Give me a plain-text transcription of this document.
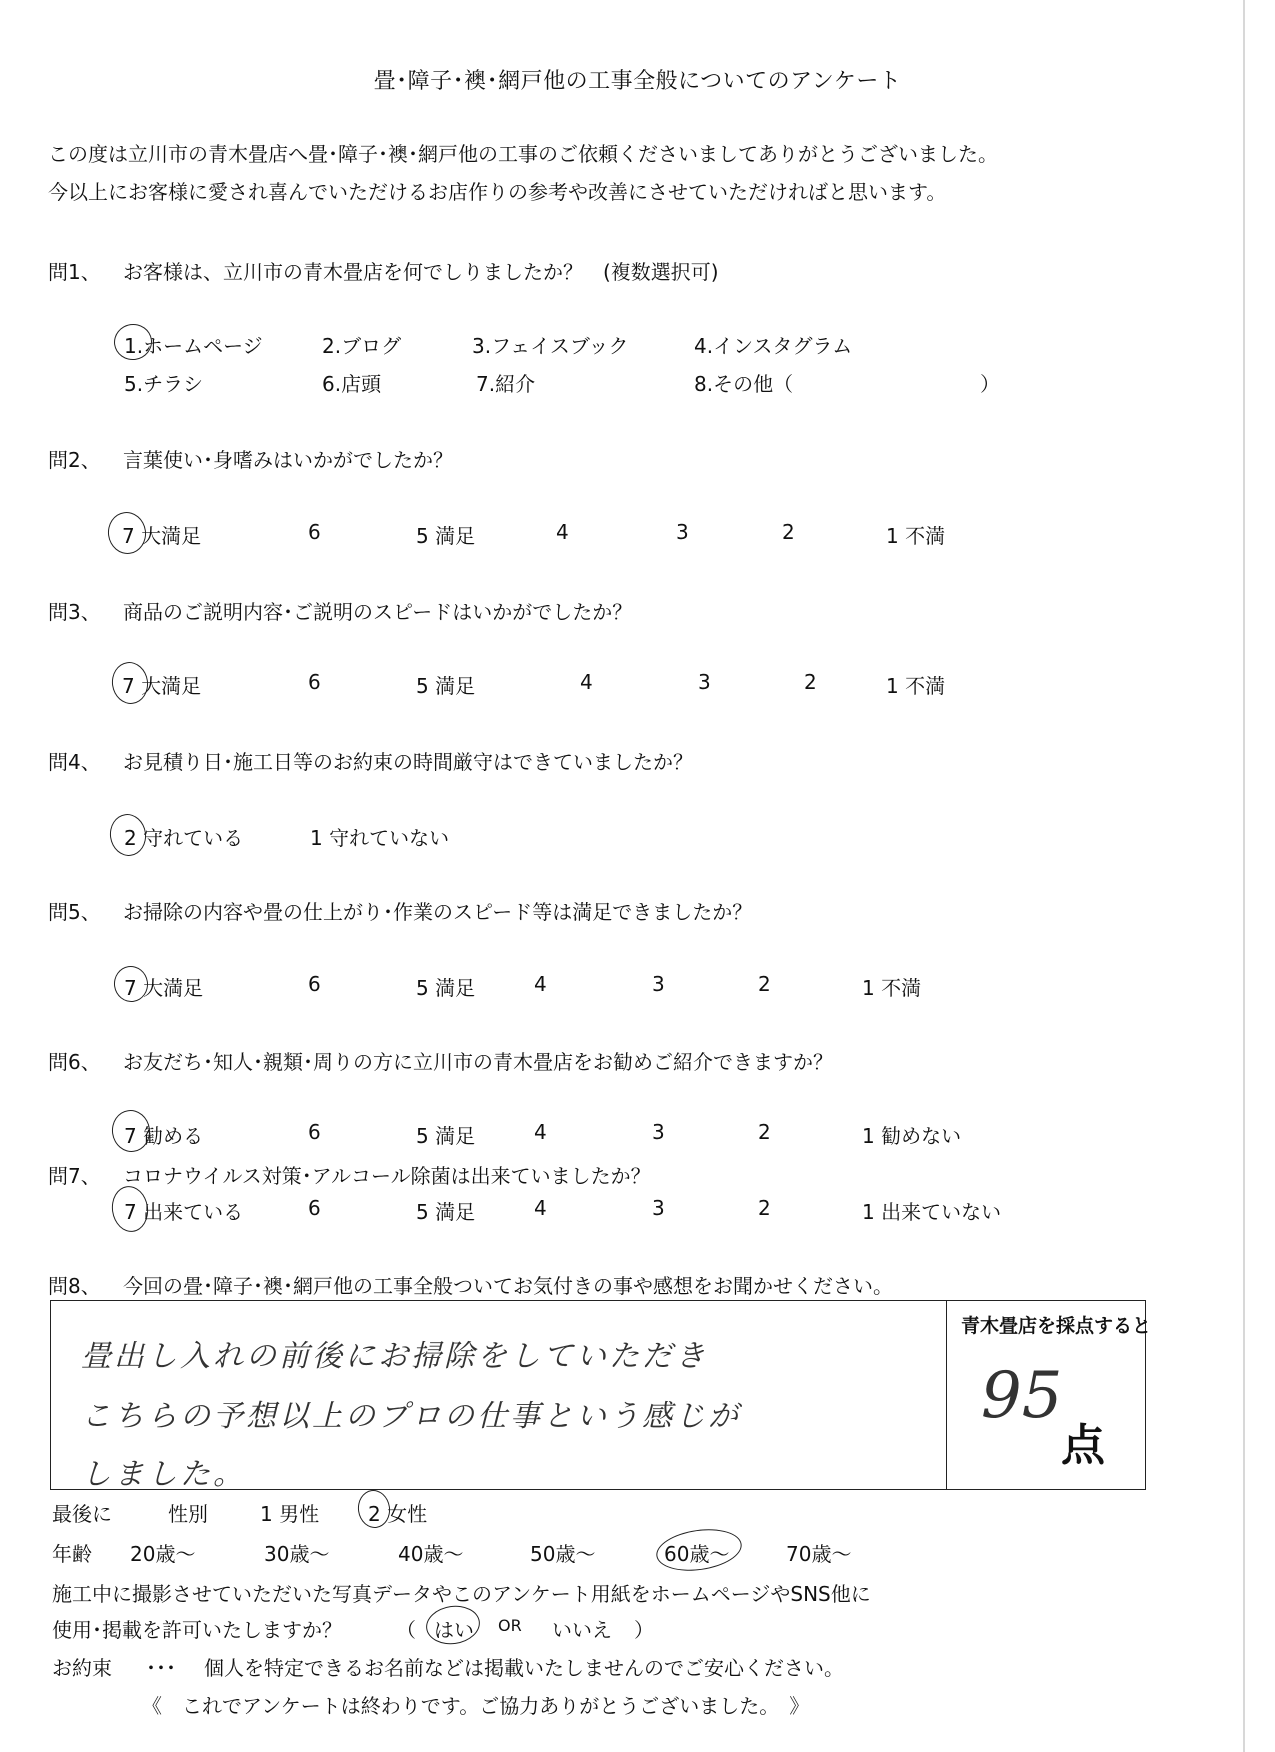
畳･障子･襖･網戸他の工事全般についてのアンケート
この度は立川市の青木畳店へ畳･障子･襖･網戸他の工事のご依頼くださいましてありがとうございました。
今以上にお客様に愛され喜んでいただけるお店作りの参考や改善にさせていただければと思います。
問1、 お客様は、立川市の青木畳店を何でしりましたか？　(複数選択可)
1.ホームページ	2.ブログ	3.フェイスブック	4.インスタグラム
5.チラシ	6.店頭	7.紹介	8.その他（	）
問2、 言葉使い･身嗜みはいかがでしたか？
7 大満足	6	5 満足	4	3	2	1 不満
問3、 商品のご説明内容･ご説明のスピードはいかがでしたか？
7 大満足	6	5 満足	4	3	2	1 不満
問4、 お見積り日･施工日等のお約束の時間厳守はできていましたか？
2 守れている	1 守れていない
問5、 お掃除の内容や畳の仕上がり･作業のスピード等は満足できましたか？
7 大満足	6	5 満足	4	3	2	1 不満
問6、 お友だち･知人･親類･周りの方に立川市の青木畳店をお勧めご紹介できますか？
7 勧める	6	5 満足	4	3	2	1 勧めない
問7、 コロナウイルス対策･アルコール除菌は出来ていましたか？
7 出来ている	6	5 満足	4	3	2	1 出来ていない
問8、 今回の畳･障子･襖･網戸他の工事全般ついてお気付きの事や感想をお聞かせください。
畳出し入れの前後にお掃除をしていただき
こちらの予想以上のプロの仕事という感じが
しました。
青木畳店を採点すると
95
点
最後に	性別	1 男性 2 女性
年齢 20歳～	30歳～	40歳～	50歳～	60歳～	70歳～
施工中に撮影させていただいた写真データやこのアンケート用紙をホームページやSNS他に
使用･掲載を許可いたしますか？	（ はい OR いいえ ）
お約束 ･･･ 個人を特定できるお名前などは掲載いたしませんのでご安心ください。
《　これでアンケートは終わりです。ご協力ありがとうございました。　》
